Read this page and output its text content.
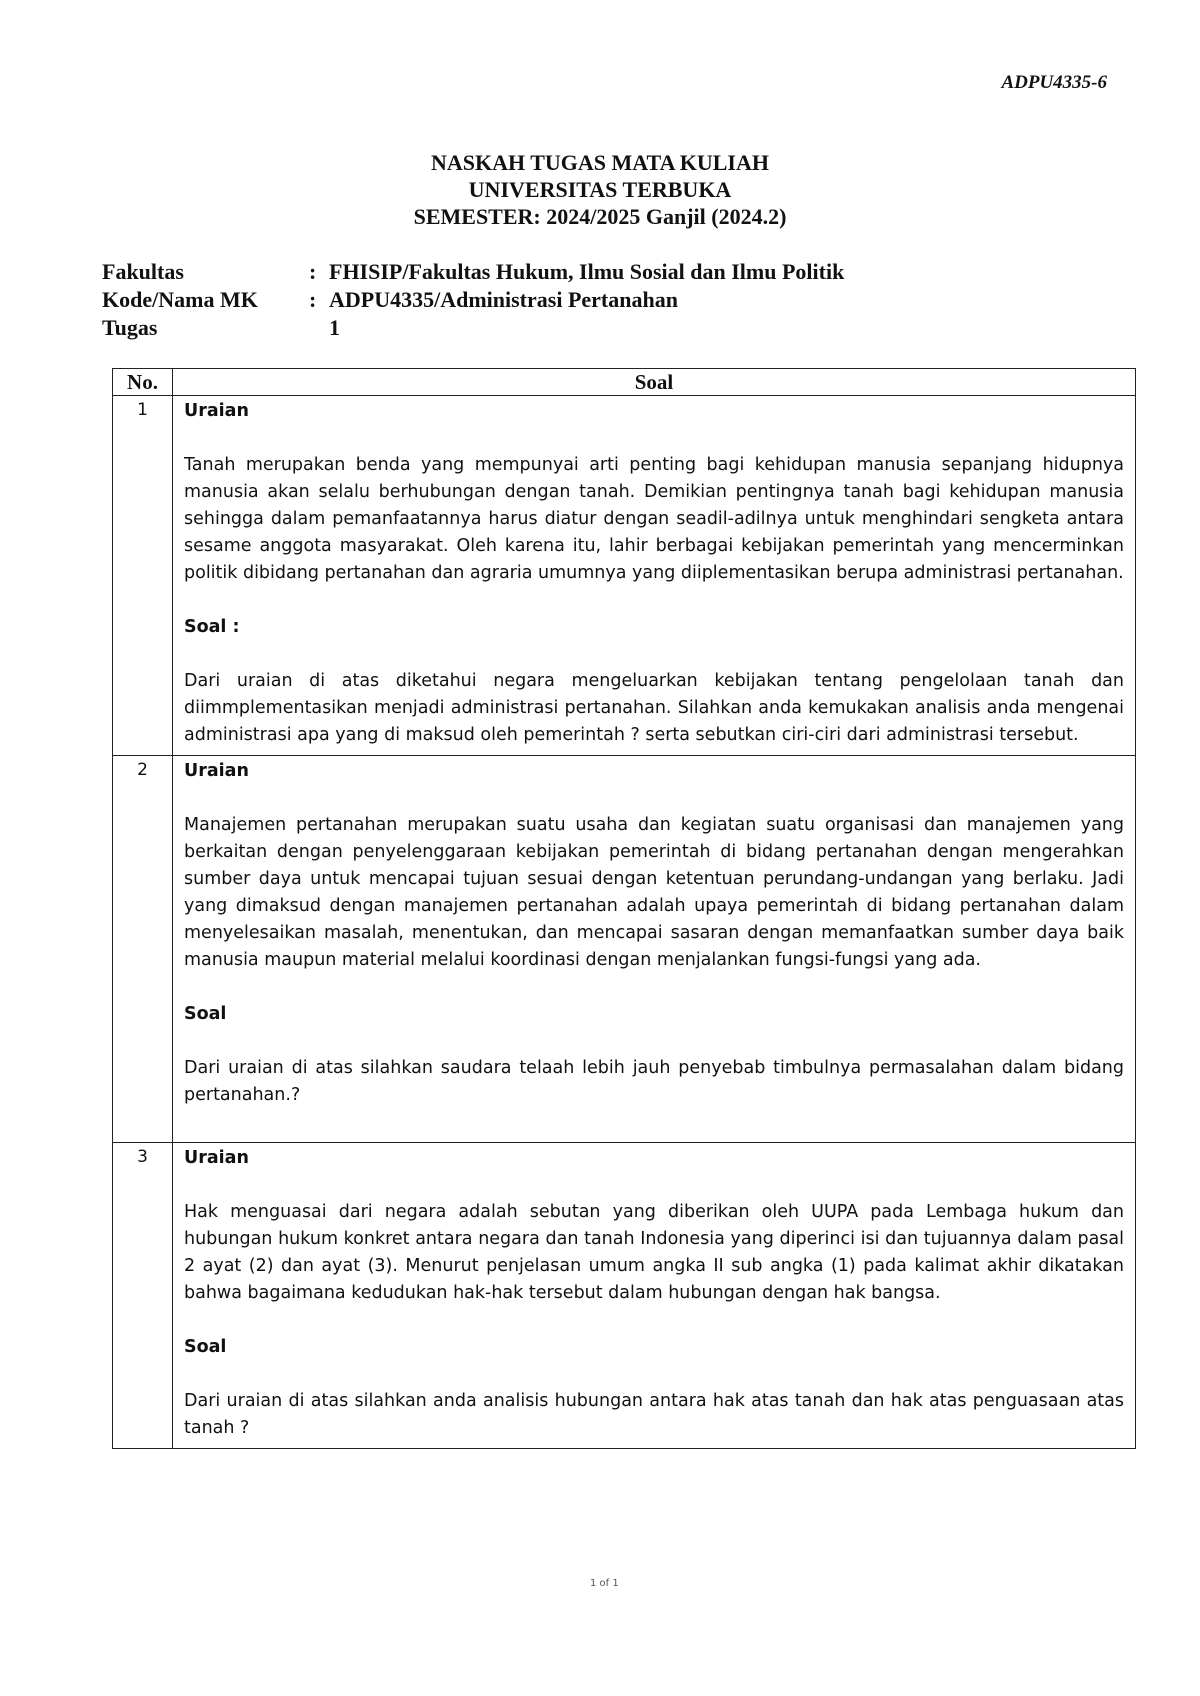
ADPU4335-6
NASKAH TUGAS MATA KULIAH
UNIVERSITAS TERBUKA
SEMESTER: 2024/2025 Ganjil (2024.2)
Fakultas	: FHISIP/Fakultas Hukum, Ilmu Sosial dan Ilmu Politik
Kode/Nama MK	: ADPU4335/Administrasi Pertanahan
Tugas	1
No.	Soal
1	Uraian

Tanah merupakan benda yang mempunyai arti penting bagi kehidupan manusia sepanjang hidupnya manusia akan selalu berhubungan dengan tanah. Demikian pentingnya tanah bagi kehidupan manusia sehingga dalam pemanfaatannya harus diatur dengan seadil-adilnya untuk menghindari sengketa antara sesame anggota masyarakat. Oleh karena itu, lahir berbagai kebijakan pemerintah yang mencerminkan politik dibidang pertanahan dan agraria umumnya yang diiplementasikan berupa administrasi pertanahan.

Soal :

Dari uraian di atas diketahui negara mengeluarkan kebijakan tentang pengelolaan tanah dan diimmplementasikan menjadi administrasi pertanahan. Silahkan anda kemukakan analisis anda mengenai administrasi apa yang di maksud oleh pemerintah ? serta sebutkan ciri-ciri dari administrasi tersebut.

2	Uraian

Manajemen pertanahan merupakan suatu usaha dan kegiatan suatu organisasi dan manajemen yang berkaitan dengan penyelenggaraan kebijakan pemerintah di bidang pertanahan dengan mengerahkan sumber daya untuk mencapai tujuan sesuai dengan ketentuan perundang-undangan yang berlaku. Jadi yang dimaksud dengan manajemen pertanahan adalah upaya pemerintah di bidang pertanahan dalam menyelesaikan masalah, menentukan, dan mencapai sasaran dengan memanfaatkan sumber daya baik manusia maupun material melalui koordinasi dengan menjalankan fungsi-fungsi yang ada.

Soal

Dari uraian di atas silahkan saudara telaah lebih jauh penyebab timbulnya permasalahan dalam bidang pertanahan.?

3	Uraian

Hak menguasai dari negara adalah sebutan yang diberikan oleh UUPA pada Lembaga hukum dan hubungan hukum konkret antara negara dan tanah Indonesia yang diperinci isi dan tujuannya dalam pasal 2 ayat (2) dan ayat (3). Menurut penjelasan umum angka II sub angka (1) pada kalimat akhir dikatakan bahwa bagaimana kedudukan hak-hak tersebut dalam hubungan dengan hak bangsa.

Soal

Dari uraian di atas silahkan anda analisis hubungan antara hak atas tanah dan hak atas penguasaan atas tanah ?

1 of 1
